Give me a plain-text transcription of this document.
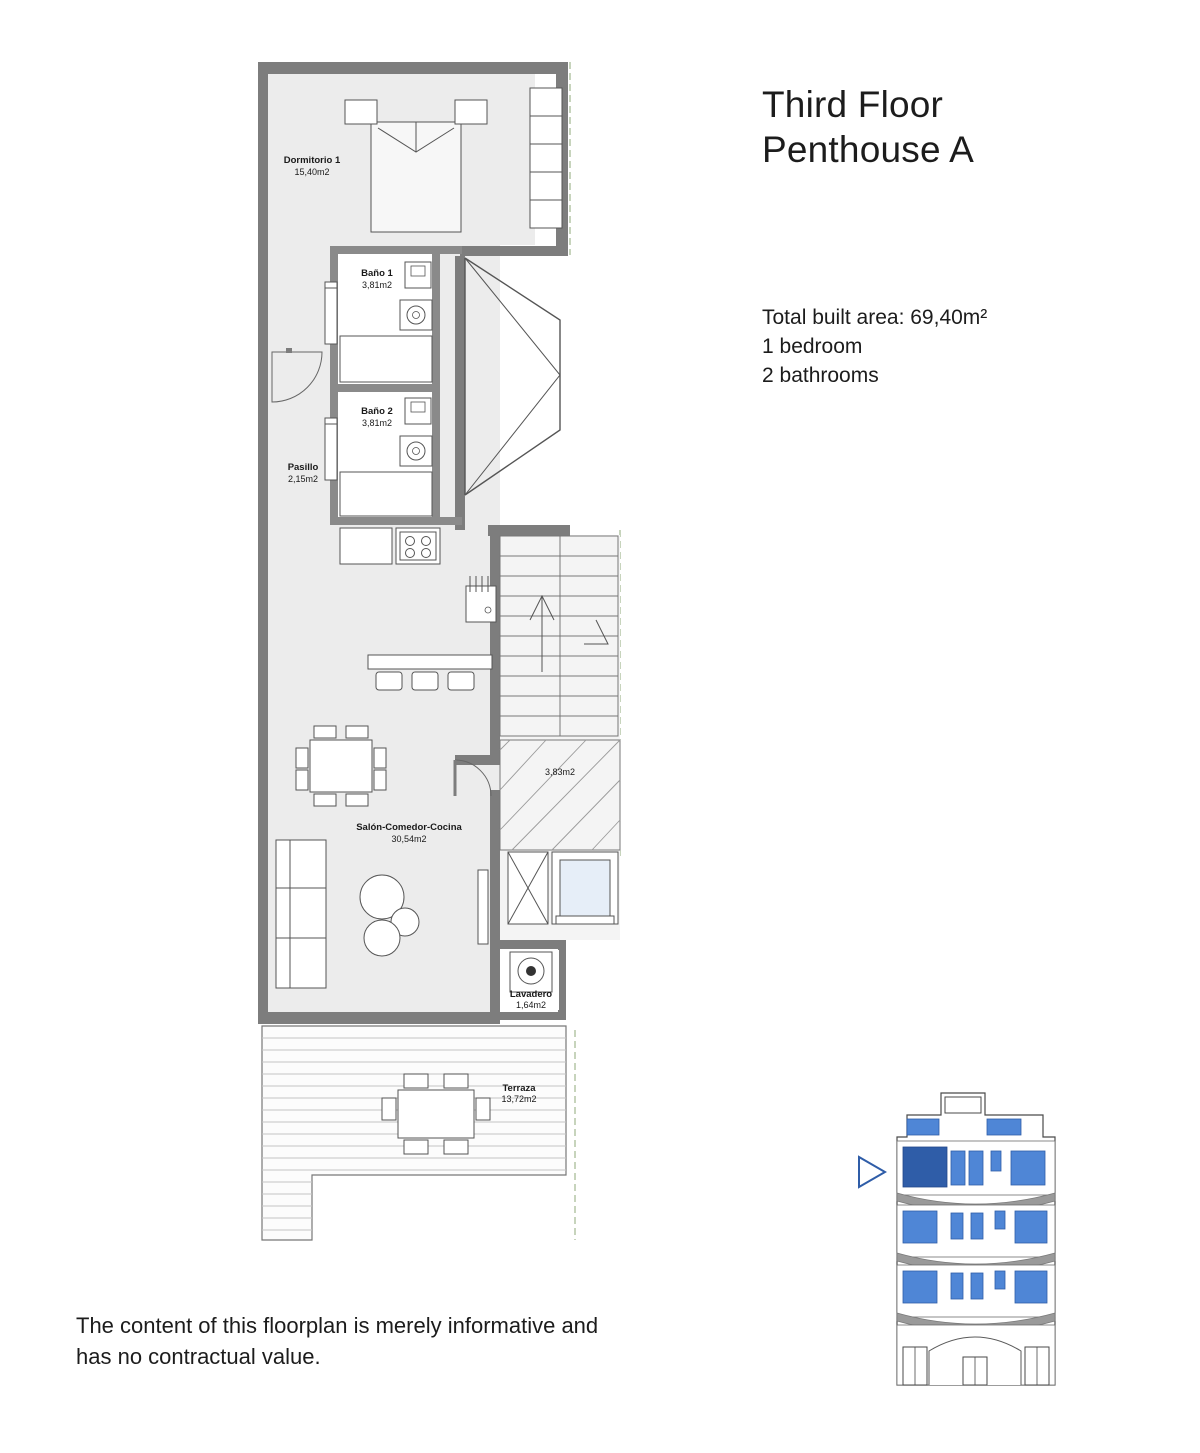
Third Floor
Penthouse A
Total built area: 69,40m²
1 bedroom
2 bathrooms
The content of this floorplan is merely informative and
has no contractual value.
Dormitorio 1
15,40m2
Baño 1
3,81m2
Baño 2
3,81m2
Pasillo
2,15m2
Salón-Comedor-Cocina
30,54m2
3,83m2
Lavadero
1,64m2
Terraza
13,72m2
